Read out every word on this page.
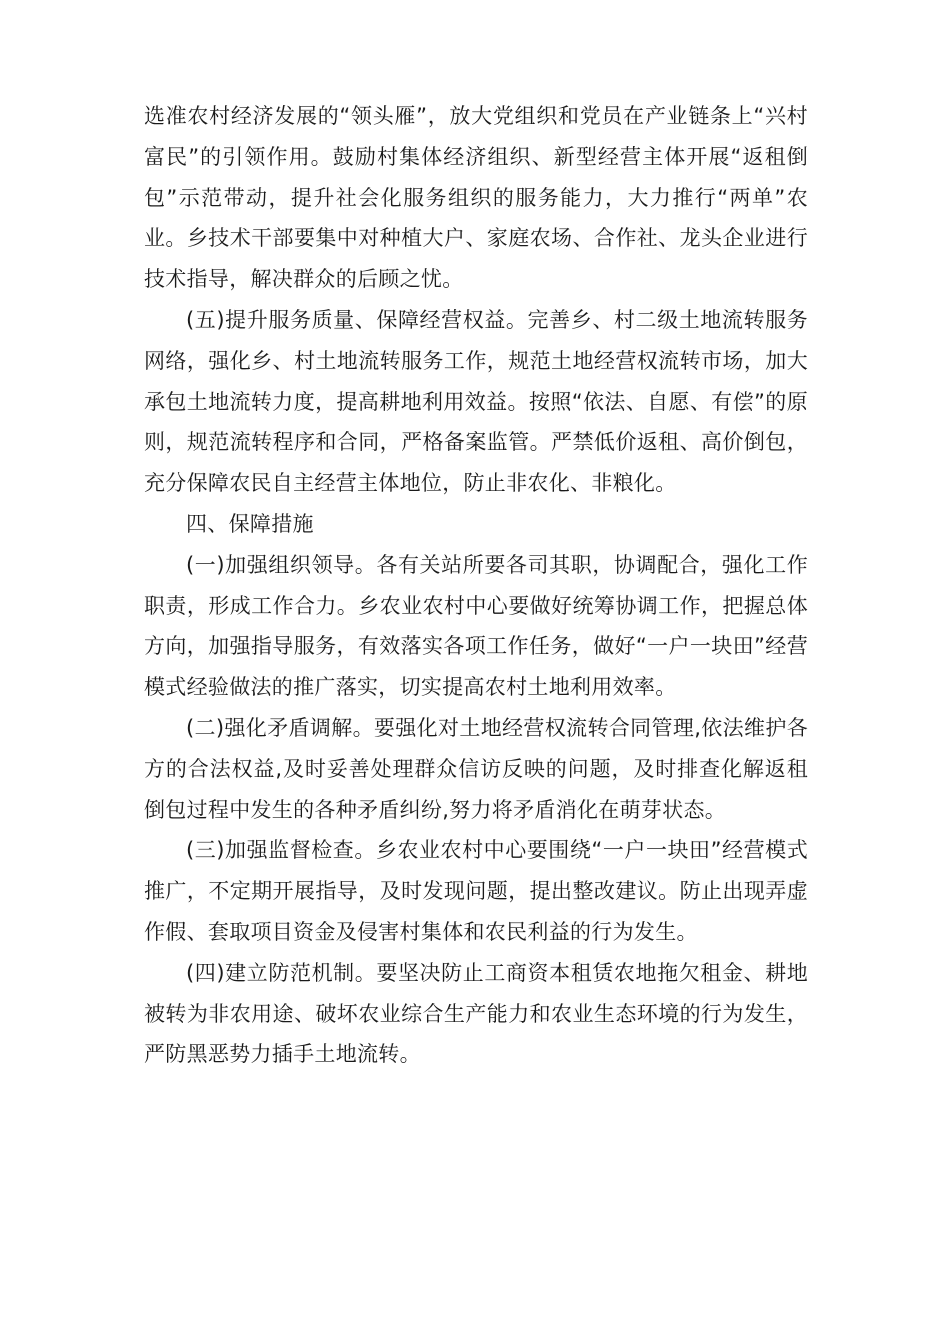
选准农村经济发展的“领头雁”，放大党组织和党员在产业链条上“兴村富民”的引领作用。鼓励村集体经济组织、新型经营主体开展“返租倒包”示范带动，提升社会化服务组织的服务能力，大力推行“两单”农业。乡技术干部要集中对种植大户、家庭农场、合作社、龙头企业进行技术指导，解决群众的后顾之忧。

(五)提升服务质量、保障经营权益。完善乡、村二级土地流转服务网络，强化乡、村土地流转服务工作，规范土地经营权流转市场，加大承包土地流转力度，提高耕地利用效益。按照“依法、自愿、有偿”的原则，规范流转程序和合同，严格备案监管。严禁低价返租、高价倒包，充分保障农民自主经营主体地位，防止非农化、非粮化。

四、保障措施

(一)加强组织领导。各有关站所要各司其职，协调配合，强化工作职责，形成工作合力。乡农业农村中心要做好统筹协调工作，把握总体方向，加强指导服务，有效落实各项工作任务，做好“一户一块田”经营模式经验做法的推广落实，切实提高农村土地利用效率。

(二)强化矛盾调解。要强化对土地经营权流转合同管理,依法维护各方的合法权益,及时妥善处理群众信访反映的问题，及时排查化解返租倒包过程中发生的各种矛盾纠纷,努力将矛盾消化在萌芽状态。

(三)加强监督检查。乡农业农村中心要围绕“一户一块田”经营模式推广，不定期开展指导，及时发现问题，提出整改建议。防止出现弄虚作假、套取项目资金及侵害村集体和农民利益的行为发生。

(四)建立防范机制。要坚决防止工商资本租赁农地拖欠租金、耕地被转为非农用途、破坏农业综合生产能力和农业生态环境的行为发生，严防黑恶势力插手土地流转。
